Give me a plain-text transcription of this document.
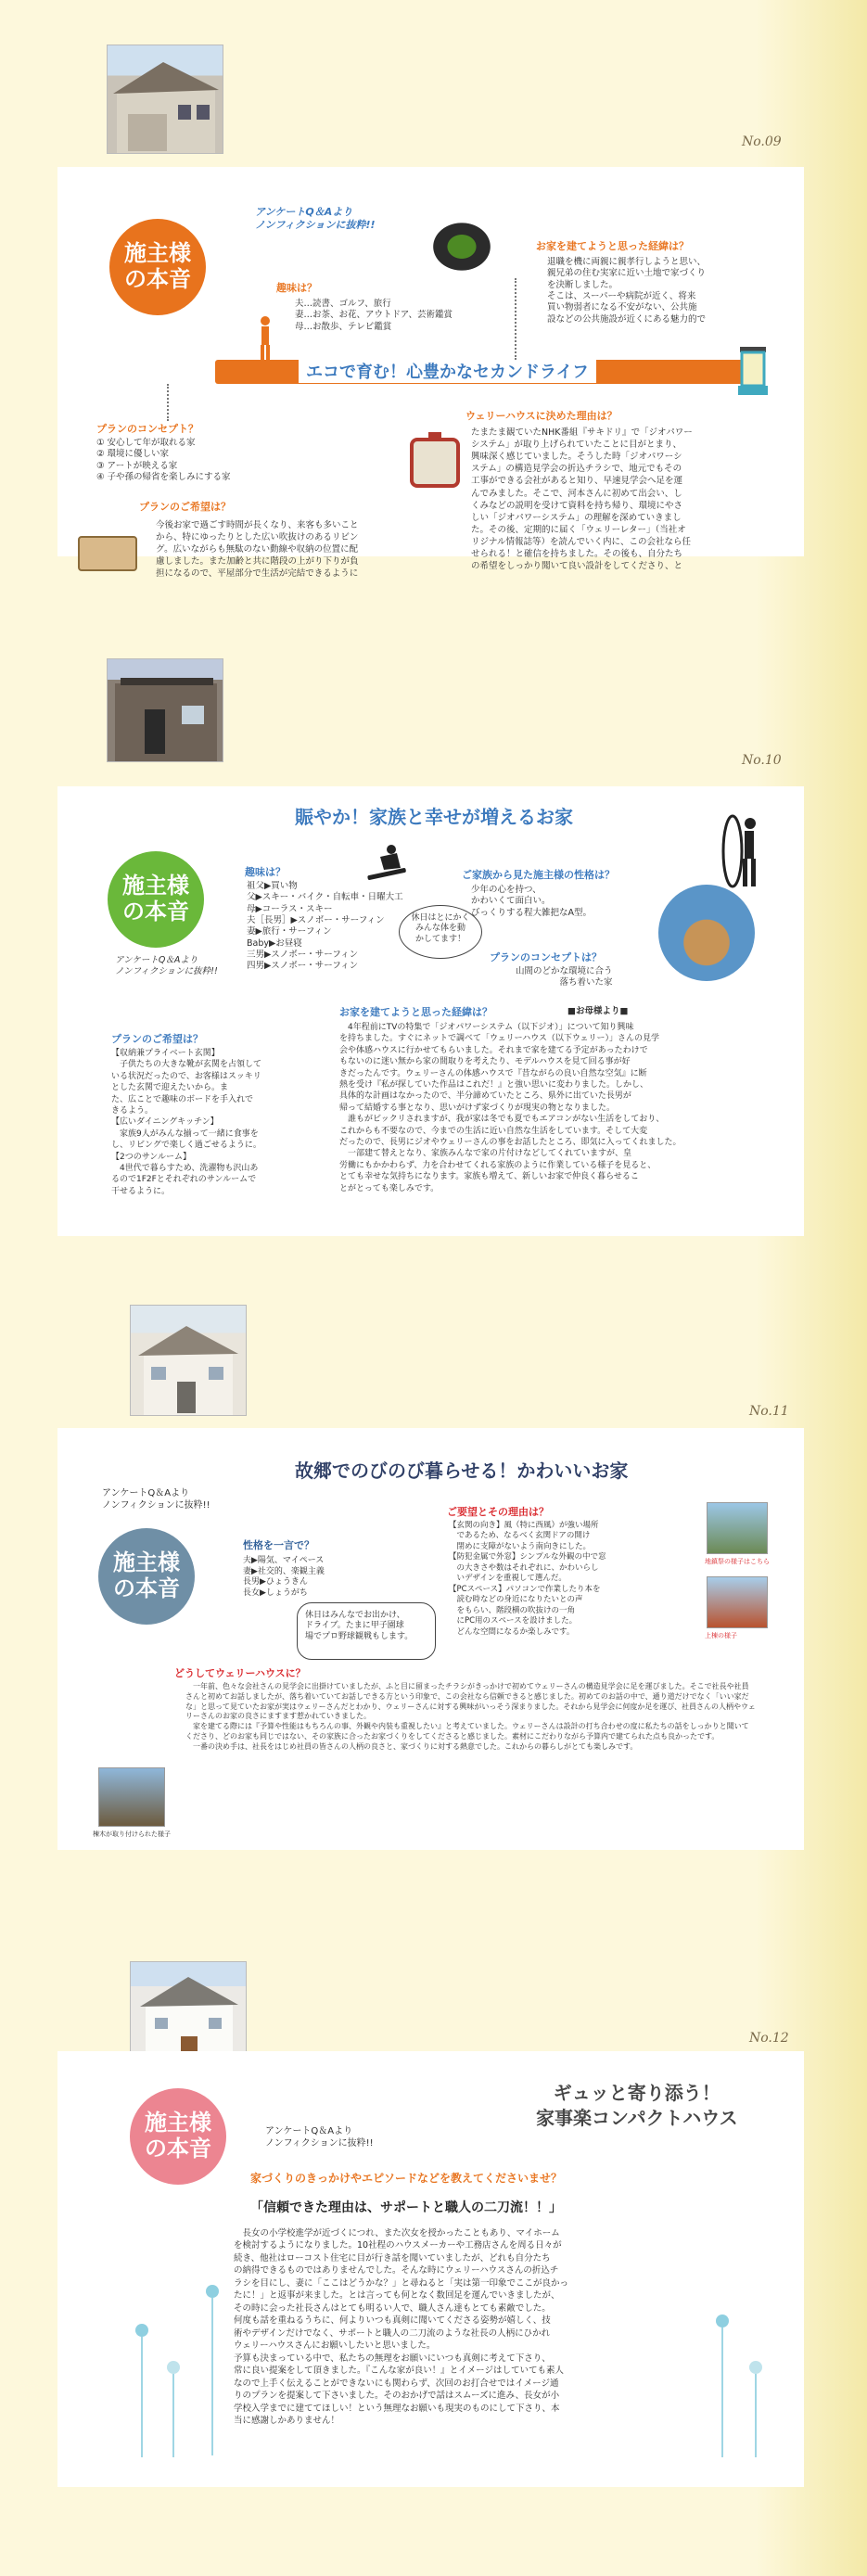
No.09
施主様
の本音
アンケートQ＆Aより
ノンフィクションに抜粋!!
趣味は？
夫…読書、ゴルフ、旅行
妻…お茶、お花、アウトドア、芸術鑑賞
母…お散歩、テレビ鑑賞
お家を建てようと思った経緯は？
退職を機に両親に親孝行しようと思い、
親兄弟の住む実家に近い土地で家づくり
を決断しました。
そこは、スーパーや病院が近く、将来
買い物弱者になる不安がない、公共施
設などの公共施設が近くにある魅力的で
エコで育む！心豊かなセカンドライフ
プランのコンセプト？
① 安心して年が取れる家
② 環境に優しい家
③ アートが映える家
④ 子や孫の帰省を楽しみにする家
ウェリーハウスに決めた理由は？
たまたま観ていたNHK番組『サキドリ』で「ジオパワー
システム」が取り上げられていたことに目がとまり、
興味深く感じていました。そうした時「ジオパワーシ
ステム」の構造見学会の折込チラシで、地元でもその
工事ができる会社があると知り、早速見学会へ足を運
んでみました。そこで、河本さんに初めて出会い、し
くみなどの説明を受けて資料を持ち帰り、環境にやさ
しい「ジオパワーシステム」の理解を深めていきまし
た。その後、定期的に届く「ウェリーレター」（当社オ
リジナル情報誌等）を読んでいく内に、この会社なら任
せられる！と確信を持ちました。その後も、自分たち
の希望をしっかり聞いて良い設計をしてくださり、と
プランのご希望は？
今後お家で過ごす時間が長くなり、来客も多いこと
から、特にゆったりとした広い吹抜けのあるリビン
グ。広いながらも無駄のない動線や収納の位置に配
慮しました。また加齢と共に階段の上がり下りが負
担になるので、平屋部分で生活が完結できるように
No.10
賑やか！家族と幸せが増えるお家
施主様
の本音
アンケートQ＆Aより
ノンフィクションに抜粋!!
趣味は？
祖父▶買い物
父▶スキー・バイク・自転車・日曜大工
母▶コーラス・スキー
夫［長男］▶スノボー・サーフィン
妻▶旅行・サーフィン
Baby▶お昼寝
三男▶スノボー・サーフィン
四男▶スノボー・サーフィン
休日はとにかく
みんな体を動
かしてます！
ご家族から見た施主様の性格は？
少年の心を持つ、
かわいくて面白い。
びっくりする程大雑把なA型。
プランのコンセプトは？
山間のどかな環境に合う
落ち着いた家
お家を建てようと思った経緯は？	■お母様より■
　4年程前にTVの特集で「ジオパワーシステム（以下ジオ）」について知り興味
を持ちました。すぐにネットで調べて「ウェリーハウス（以下ウェリー）」さんの見学
会や体感ハウスに行かせてもらいました。それまで家を建てる予定があったわけで
もないのに迷い無から家の間取りを考えたり、モデルハウスを見て回る事が好
きだったんです。ウェリーさんの体感ハウスで『昔ながらの良い自然な空気』に断
熱を受け『私が探していた作品はこれだ！』と強い思いに変わりました。しかし、
具体的な計画はなかったので、半分諦めていたところ、県外に出ていた長男が
帰って結婚する事となり、思いがけず家づくりが現実の物となりました。
　誰もがビックリされますが、我が家は冬でも夏でもエアコンがない生活をしており、
これからも不要なので、今までの生活に近い自然な生活をしています。そして大変
だったので、長男にジオやウェリーさんの事をお話したところ、即気に入ってくれました。
　一部建て替えとなり、家族みんなで家の片付けなどしてくれていますが、皇
労働にもかかわらず、力を合わせてくれる家族のように作業している様子を見ると、
とても幸せな気持ちになります。家族も増えて、新しいお家で仲良く暮らせるこ
とがとっても楽しみです。
プランのご希望は？
【収納兼プライベート玄関】
　子供たちの大きな靴が玄関を占領して
いる状況だったので、お客様はスッキリ
とした玄関で迎えたいから。ま
た、広ことで趣味のボードを手入れで
きるよう。
【広いダイニングキッチン】
　家族9人がみんな揃って一緒に食事を
し、リビングで楽しく過ごせるように。
【2つのサンルーム】
　4世代で暮らすため、洗濯物も沢山あ
るので1F2Fとそれぞれのサンルームで
干せるように。
No.11
アンケートQ＆Aより
ノンフィクションに抜粋!!
故郷でのびのび暮らせる！かわいいお家
施主様
の本音
性格を一言で？
夫▶陽気、マイペース
妻▶社交的、楽観主義
長男▶ひょうきん
長女▶しょうがち
休日はみんなでお出かけ、
ドライブ。たまに甲子園球
場でプロ野球観戦もします。
ご要望とその理由は？
【玄関の向き】風（特に西風）が強い場所
　であるため、なるべく玄関ドアの開け
　閉めに支障がないよう南向きにした。
【防犯金属で外窓】シンプルな外観の中で窓
　の大きさや数はそれぞれに、かわいらし
　いデザインを重視して選んだ。
【PCスペース】パソコンで作業したり本を
　読む時などの身近になりたいとの声
　をもらい、階段横の吹抜けの一角
　にPC用のスペースを設けました。
　どんな空間になるか楽しみです。
地鎮祭の様子はこちら
上棟の様子
どうしてウェリーハウスに？
　一年前、色々な会社さんの見学会に出掛けていましたが、ふと目に留まったチラシがきっかけで初めてウェリーさんの構造見学会に足を運びました。そこで社長や社員さんと初めてお話しましたが、落ち着いていてお話しできる方という印象で、この会社なら信頼できると感じました。初めてのお話の中で、通り道だけでなく「いい家だな」と思って見ていたお家が実はウェリーさんだとわかり、ウェリーさんに対する興味がいっそう深まりました。それから見学会に何度か足を運び、社員さんの人柄やウェリーさんのお家の良さにますます惹かれていきました。
　家を建てる際には『予算や性能はもちろんの事、外観や内装も重視したい』と考えていました。ウェリーさんは設計の打ち合わせの度に私たちの話をしっかりと聞いてくださり、どのお家も同じではない、その家族に合ったお家づくりをしてくださると感じました。素材にこだわりながら予算内で建てられた点も良かったです。
　一番の決め手は、社長をはじめ社員の皆さんの人柄の良さと、家づくりに対する熱意でした。これからの暮らしがとても楽しみです。
棟木が取り付けられた様子
No.12
施主様
の本音
アンケートQ＆Aより
ノンフィクションに抜粋!!
ギュッと寄り添う！
家事楽コンパクトハウス
家づくりのきっかけやエピソードなどを教えてくださいませ？
「信頼できた理由は、サポートと職人の二刀流！！」
　長女の小学校進学が近づくにつれ、また次女を授かったこともあり、マイホーム
を検討するようになりました。10社程のハウスメーカーや工務店さんを周る日々が
続き、他社はローコスト住宅に目が行き話を聞いていましたが、どれも自分たち
の納得できるものではありませんでした。そんな時にウェリーハウスさんの折込チ
ラシを目にし、妻に「ここはどうかな？」と尋ねると「実は第一印象でここが良かっ
たに！」と返事が来ました。とは言っても何となく数回足を運んでいきましたが、
その時に会った社長さんはとても明るい人で、職人さん達もとても素敵でした。
何度も話を重ねるうちに、何よりいつも真剣に聞いてくださる姿勢が嬉しく、技
術やデザインだけでなく、サポートと職人の二刀流のような社長の人柄にひかれ
ウェリーハウスさんにお願いしたいと思いました。
予算も決まっている中で、私たちの無理をお願いにいつも真剣に考えて下さり、
常に良い提案をして頂きました。『こんな家が良い！』とイメージはしていても素人
なので上手く伝えることができないにも関わらず、次回のお打合せではイメージ通
りのプランを提案して下さいました。そのおかげで話はスムーズに進み、長女が小
学校入学までに建ててほしい！という無理なお願いも現実のものにして下さり、本
当に感謝しかありません！
